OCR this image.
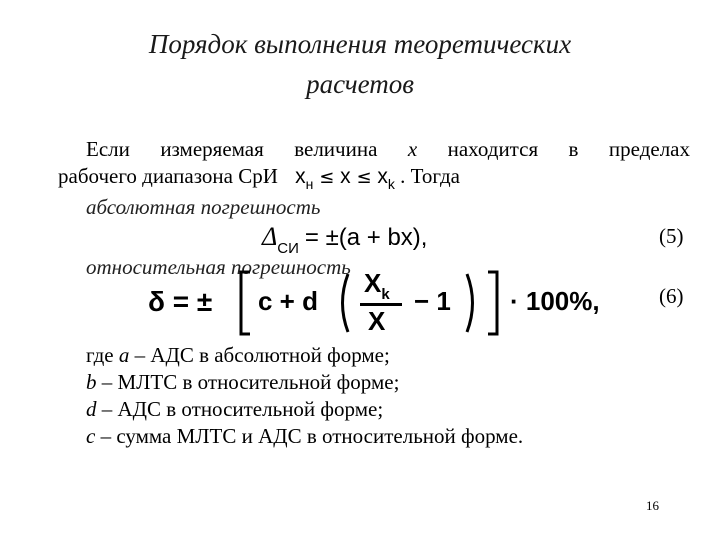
Порядок выполнения теоретических
расчетов
Если измеряемая величина x находится в пределах
рабочего диапазона СрИ $x_н \le x \le x_k$ . Тогда
абсолютная погрешность
$\Delta_{СИ} = \pm(a + bx)$,	(5)
относительная погрешность
δ = ± c + d
$X_k$
X
− 1 · 100%,	(6)
где a – АДС в абсолютной форме;
b – МЛТС в относительной форме;
d – АДС в относительной форме;
c – сумма МЛТС и АДС в относительной форме.
16
